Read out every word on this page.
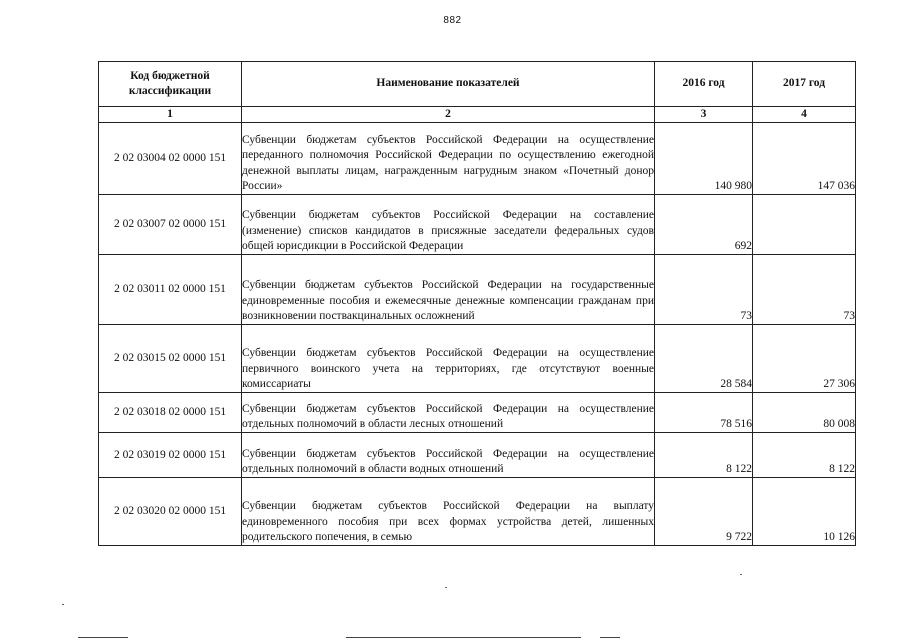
882
Код бюджетной классификации	Наименование показателей	2016 год	2017 год
1	2	3	4
2 02 03004 02 0000 151	Субвенции бюджетам субъектов Российской Федерации на осуществление переданного полномочия Российской Федерации по осуществлению ежегодной денежной выплаты лицам, награжденным нагрудным знаком «Почетный донор России»	140 980	147 036
2 02 03007 02 0000 151	Субвенции бюджетам субъектов Российской Федерации на составление (изменение) списков кандидатов в присяжные заседатели федеральных судов общей юрисдикции в Российской Федерации	692	
2 02 03011 02 0000 151	Субвенции бюджетам субъектов Российской Федерации на государственные единовременные пособия и ежемесячные денежные компенсации гражданам при возникновении поствакцинальных осложнений	73	73
2 02 03015 02 0000 151	Субвенции бюджетам субъектов Российской Федерации на осуществление первичного воинского учета на территориях, где отсутствуют военные комиссариаты	28 584	27 306
2 02 03018 02 0000 151	Субвенции бюджетам субъектов Российской Федерации на осуществление отдельных полномочий в области лесных отношений	78 516	80 008
2 02 03019 02 0000 151	Субвенции бюджетам субъектов Российской Федерации на осуществление отдельных полномочий в области водных отношений	8 122	8 122
2 02 03020 02 0000 151	Субвенции бюджетам субъектов Российской Федерации на выплату единовременного пособия при всех формах устройства детей, лишенных родительского попечения, в семью	9 722	10 126
